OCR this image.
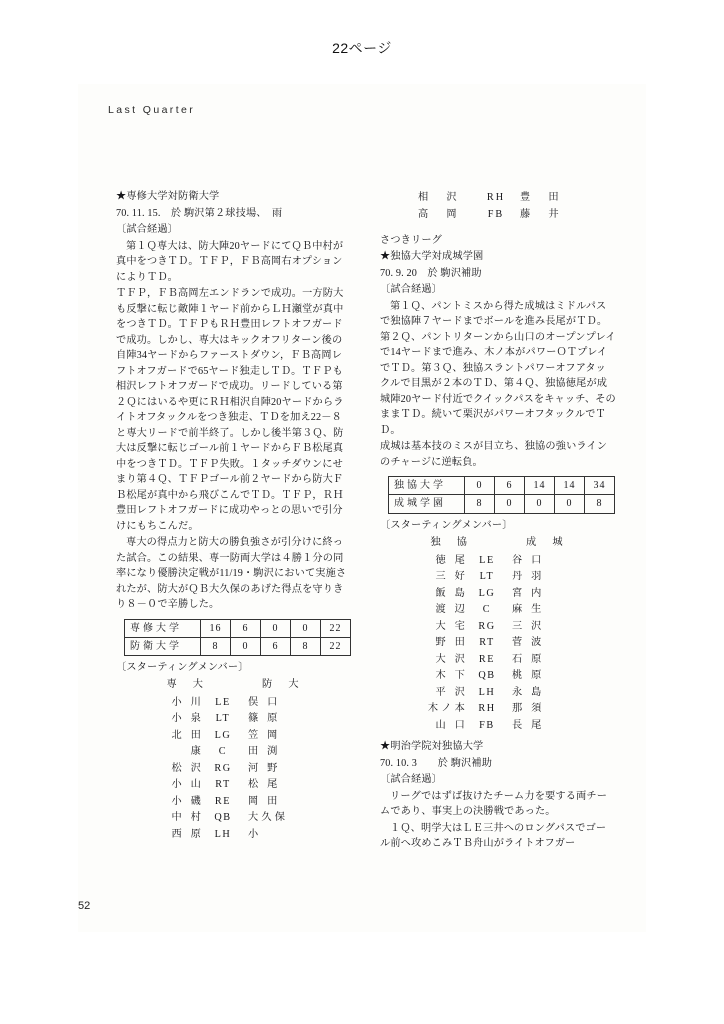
22ページ
Last Quarter

★専修大学対防衛大学

70. 11. 15.　於 駒沢第２球技場、　雨

〔試合経過〕

第１Ｑ専大は、防大陣20ヤードにてＱＢ中村が真中をつきＴＤ。ＴＦＰ，ＦＢ高岡右オプションによりＴＤ。

ＴＦＰ，ＦＢ高岡左エンドランで成功。一方防大も反撃に転じ敵陣１ヤード前からＬＨ瀬堂が真中をつきＴＤ。ＴＦＰもＲＨ豊田レフトオフガードで成功。しかし、専大はキックオフリターン後の自陣34ヤードからファーストダウン，ＦＢ高岡レフトオフガードで65ヤード独走しＴＤ。ＴＦＰも相沢レフトオフガードで成功。リードしている第２Ｑにはいるや更にＲＨ相沢自陣20ヤードからライトオフタックルをつき独走、ＴＤを加え22－８と専大リードで前半終了。しかし後半第３Ｑ、防大は反撃に転じゴール前１ヤードからＦＢ松尾真中をつきＴＤ。ＴＦＰ失敗。１タッチダウンにせまり第４Ｑ、ＴＦＰゴール前２ヤードから防大ＦＢ松尾が真中から飛びこんでＴＤ。ＴＦＰ，ＲＨ豊田レフトオフガードに成功やっとの思いで引分けにもちこんだ。

専大の得点力と防大の勝負強さが引分けに終った試合。この結果、専一防両大学は４勝１分の同率になり優勝決定戦が11/19・駒沢において実施されたが、防大がＱＢ大久保のあげた得点を守りきり８－０で辛勝した。

専修大学	16	6	0	0	22
防衛大学	8	0	6	8	22

〔スターティングメンバー〕

専　大	防　大
小 川	LE	俣 口
小 泉	LT	篠 原
北 田	LG	笠 岡
康	C	田 渕
松 沢	RG	河 野
小 山	RT	松 尾
小 磯	RE	岡 田
中 村	QB	大久保
西 原	LH	小
相　沢	RH	豊　田
高　岡	FB	藤　井

さつきリーグ

★独協大学対成城学園

70. 9. 20　於 駒沢補助

〔試合経過〕

第１Ｑ、パントミスから得た成城はミドルパスで独協陣７ヤードまでボールを進み長尾がＴＤ。第２Ｑ、パントリターンから山口のオープンプレイで14ヤードまで進み、木ノ本がパワーＯＴプレイでＴＤ。第３Ｑ、独協スラントパワーオフアタックルで目黒が２本のＴＤ、第４Ｑ、独協徳尾が成城陣20ヤード付近でクイックパスをキャッチ、そのままＴＤ。続いて栗沢がパワーオフタックルでＴＤ。

成城は基本技のミスが目立ち、独協の強いラインのチャージに逆転負。

独協大学	0	6	14	14	34
成城学園	8	0	0	0	8

〔スターティングメンバー〕

独　協	成　城
徳 尾	LE	谷 口
三 好	LT	丹 羽
飯 島	LG	宮 内
渡 辺	C	麻 生
大 宅	RG	三 沢
野 田	RT	菅 波
大 沢	RE	石 原
木 下	QB	桃 原
平 沢	LH	永 島
木ノ本	RH	那 須
山 口	FB	長 尾

★明治学院対独協大学

70. 10. 3　　於 駒沢補助

〔試合経過〕

リーグではずば抜けたチーム力を要する両チームであり、事実上の決勝戦であった。

１Ｑ、明学大はＬＥ三井へのロングパスでゴール前へ攻めこみＴＢ舟山がライトオフガー

52
